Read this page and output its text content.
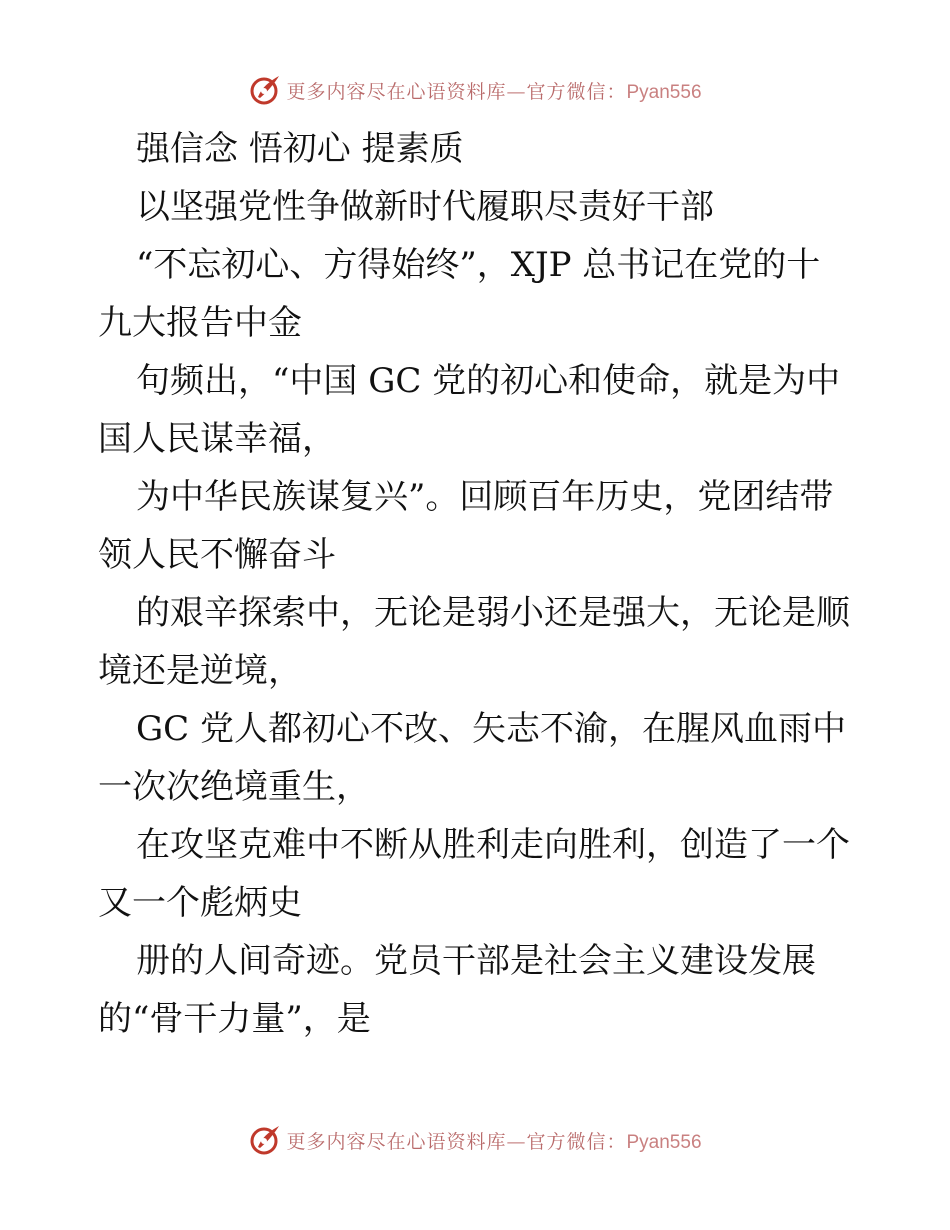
更多内容尽在心语资料库—官方微信：Pyan556
强信念 悟初心 提素质
以坚强党性争做新时代履职尽责好干部
“不忘初心、方得始终”，XJP 总书记在党的十
九大报告中金
句频出，“中国 GC 党的初心和使命，就是为中
国人民谋幸福，
为中华民族谋复兴”。回顾百年历史，党团结带
领人民不懈奋斗
的艰辛探索中，无论是弱小还是强大，无论是顺
境还是逆境，
GC 党人都初心不改、矢志不渝，在腥风血雨中
一次次绝境重生，
在攻坚克难中不断从胜利走向胜利，创造了一个
又一个彪炳史
册的人间奇迹。党员干部是社会主义建设发展
的“骨干力量”，是
更多内容尽在心语资料库—官方微信：Pyan556
